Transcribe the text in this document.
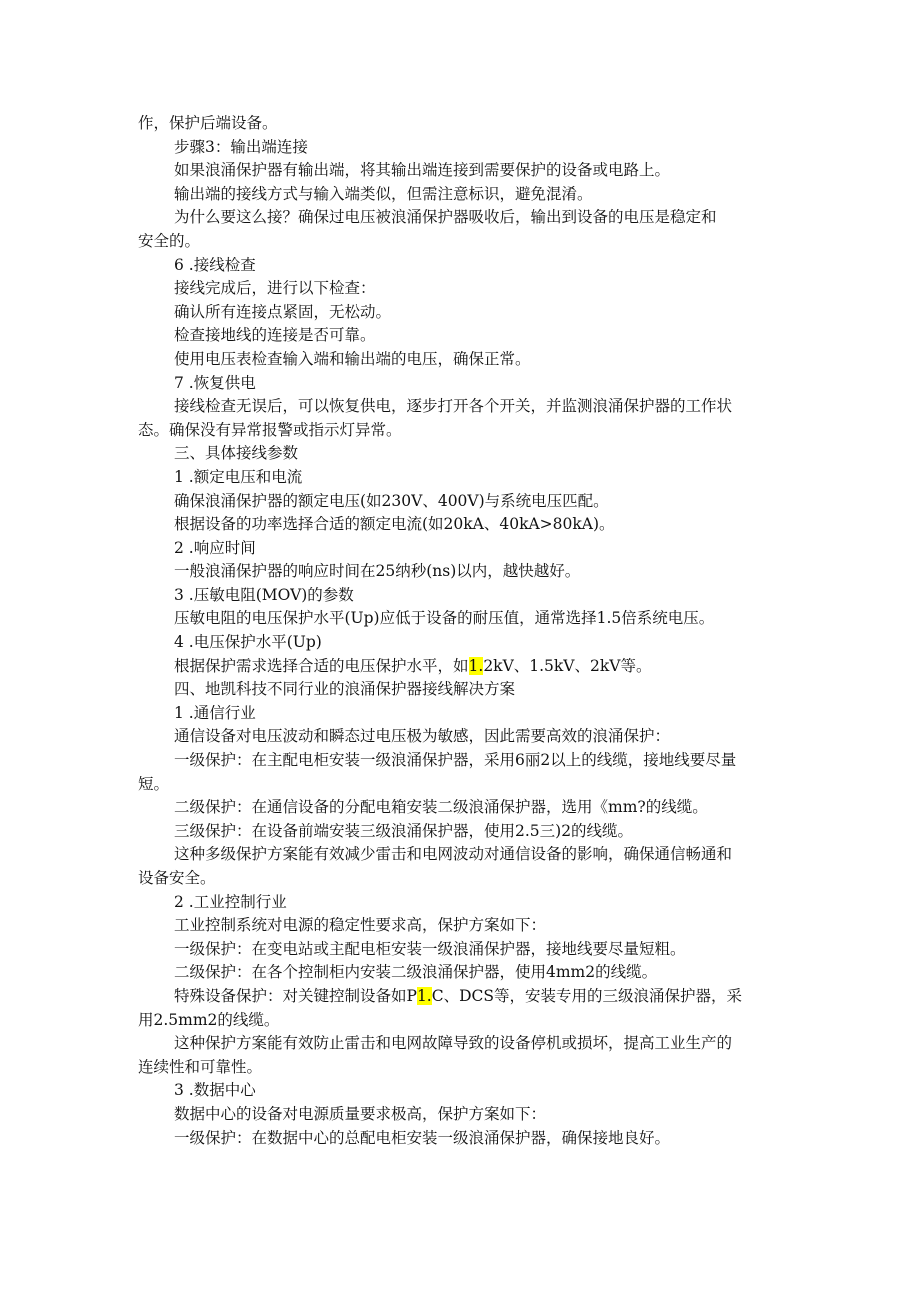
作，保护后端设备。
步骤3：输出端连接
如果浪涌保护器有输出端，将其输出端连接到需要保护的设备或电路上。
输出端的接线方式与输入端类似，但需注意标识，避免混淆。
为什么要这么接？确保过电压被浪涌保护器吸收后，输出到设备的电压是稳定和
安全的。
6 .接线检查
接线完成后，进行以下检查：
确认所有连接点紧固，无松动。
检查接地线的连接是否可靠。
使用电压表检查输入端和输出端的电压，确保正常。
7 .恢复供电
接线检查无误后，可以恢复供电，逐步打开各个开关，并监测浪涌保护器的工作状
态。确保没有异常报警或指示灯异常。
三、具体接线参数
1 .额定电压和电流
确保浪涌保护器的额定电压(如230V、400V)与系统电压匹配。
根据设备的功率选择合适的额定电流(如20kA、40kA>80kA)。
2 .响应时间
一般浪涌保护器的响应时间在25纳秒(ns)以内，越快越好。
3 .压敏电阻(MOV)的参数
压敏电阻的电压保护水平(Up)应低于设备的耐压值，通常选择1.5倍系统电压。
4 .电压保护水平(Up)
根据保护需求选择合适的电压保护水平，如1.2kV、1.5kV、2kV等。
四、地凯科技不同行业的浪涌保护器接线解决方案
1 .通信行业
通信设备对电压波动和瞬态过电压极为敏感，因此需要高效的浪涌保护：
一级保护：在主配电柜安装一级浪涌保护器，采用6丽2以上的线缆，接地线要尽量
短。
二级保护：在通信设备的分配电箱安装二级浪涌保护器，选用《mm?的线缆。
三级保护：在设备前端安装三级浪涌保护器，使用2.5三)2的线缆。
这种多级保护方案能有效减少雷击和电网波动对通信设备的影响，确保通信畅通和
设备安全。
2 .工业控制行业
工业控制系统对电源的稳定性要求高，保护方案如下：
一级保护：在变电站或主配电柜安装一级浪涌保护器，接地线要尽量短粗。
二级保护：在各个控制柜内安装二级浪涌保护器，使用4mm2的线缆。
特殊设备保护：对关键控制设备如P1.C、DCS等，安装专用的三级浪涌保护器，采
用2.5mm2的线缆。
这种保护方案能有效防止雷击和电网故障导致的设备停机或损坏，提高工业生产的
连续性和可靠性。
3 .数据中心
数据中心的设备对电源质量要求极高，保护方案如下：
一级保护：在数据中心的总配电柜安装一级浪涌保护器，确保接地良好。
